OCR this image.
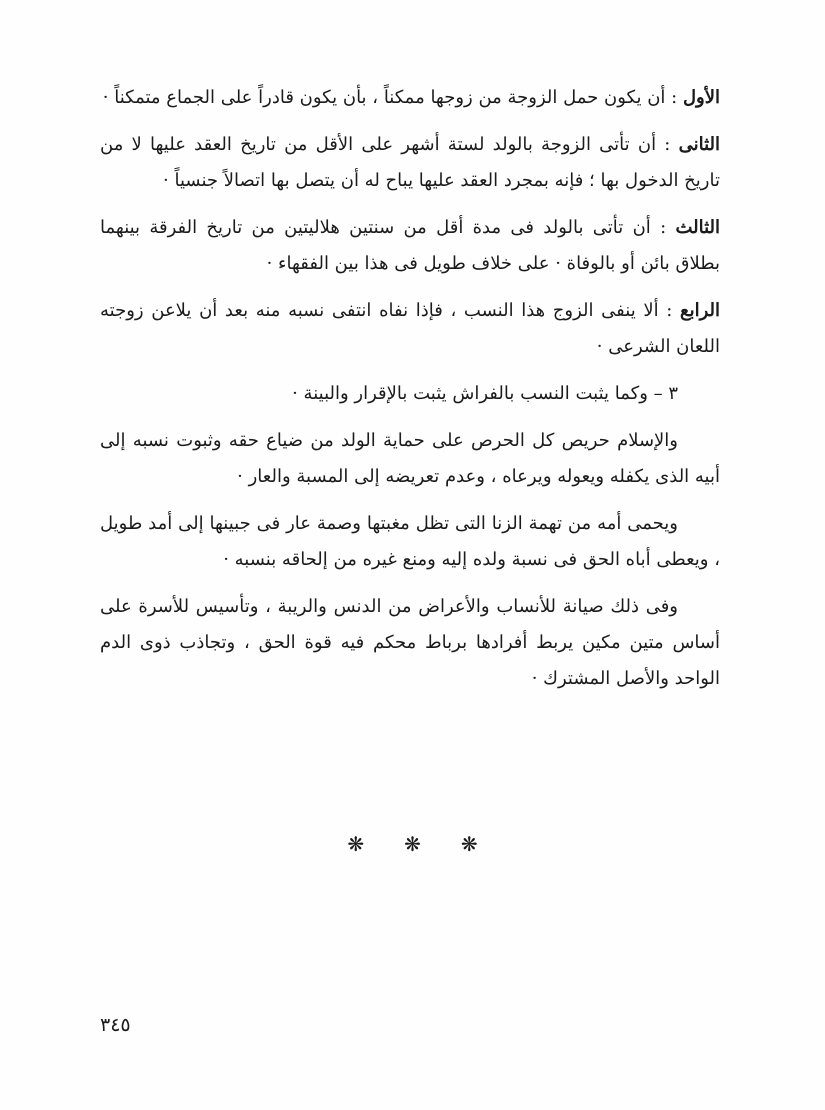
الأول : أن يكون حمل الزوجة من زوجها ممكناً ، بأن يكون قادراً على الجماع متمكناً ·

الثانى : أن تأتى الزوجة بالولد لستة أشهر على الأقل من تاريخ العقد عليها لا من تاريخ الدخول بها ؛ فإنه بمجرد العقد عليها يباح له أن يتصل بها اتصالاً جنسياً ·

الثالث : أن تأتى بالولد فى مدة أقل من سنتين هلاليتين من تاريخ الفرقة بينهما بطلاق بائن أو بالوفاة · على خلاف طويل فى هذا بين الفقهاء ·

الرابع : ألا ينفى الزوج هذا النسب ، فإذا نفاه انتفى نسبه منه بعد أن يلاعن زوجته اللعان الشرعى ·

٣ – وكما يثبت النسب بالفراش يثبت بالإقرار والبينة ·

والإسلام حريص كل الحرص على حماية الولد من ضياع حقه وثبوت نسبه إلى أبيه الذى يكفله ويعوله ويرعاه ، وعدم تعريضه إلى المسبة والعار ·

ويحمى أمه من تهمة الزنا التى تظل مغبتها وصمة عار فى جبينها إلى أمد طويل ، ويعطى أباه الحق فى نسبة ولده إليه ومنع غيره من إلحاقه بنسبه ·

وفى ذلك صيانة للأنساب والأعراض من الدنس والريبة ، وتأسيس للأسرة على أساس متين مكين يربط أفرادها برباط محكم فيه قوة الحق ، وتجاذب ذوى الدم الواحد والأصل المشترك ·

❋ ❋ ❋
٣٤٥
